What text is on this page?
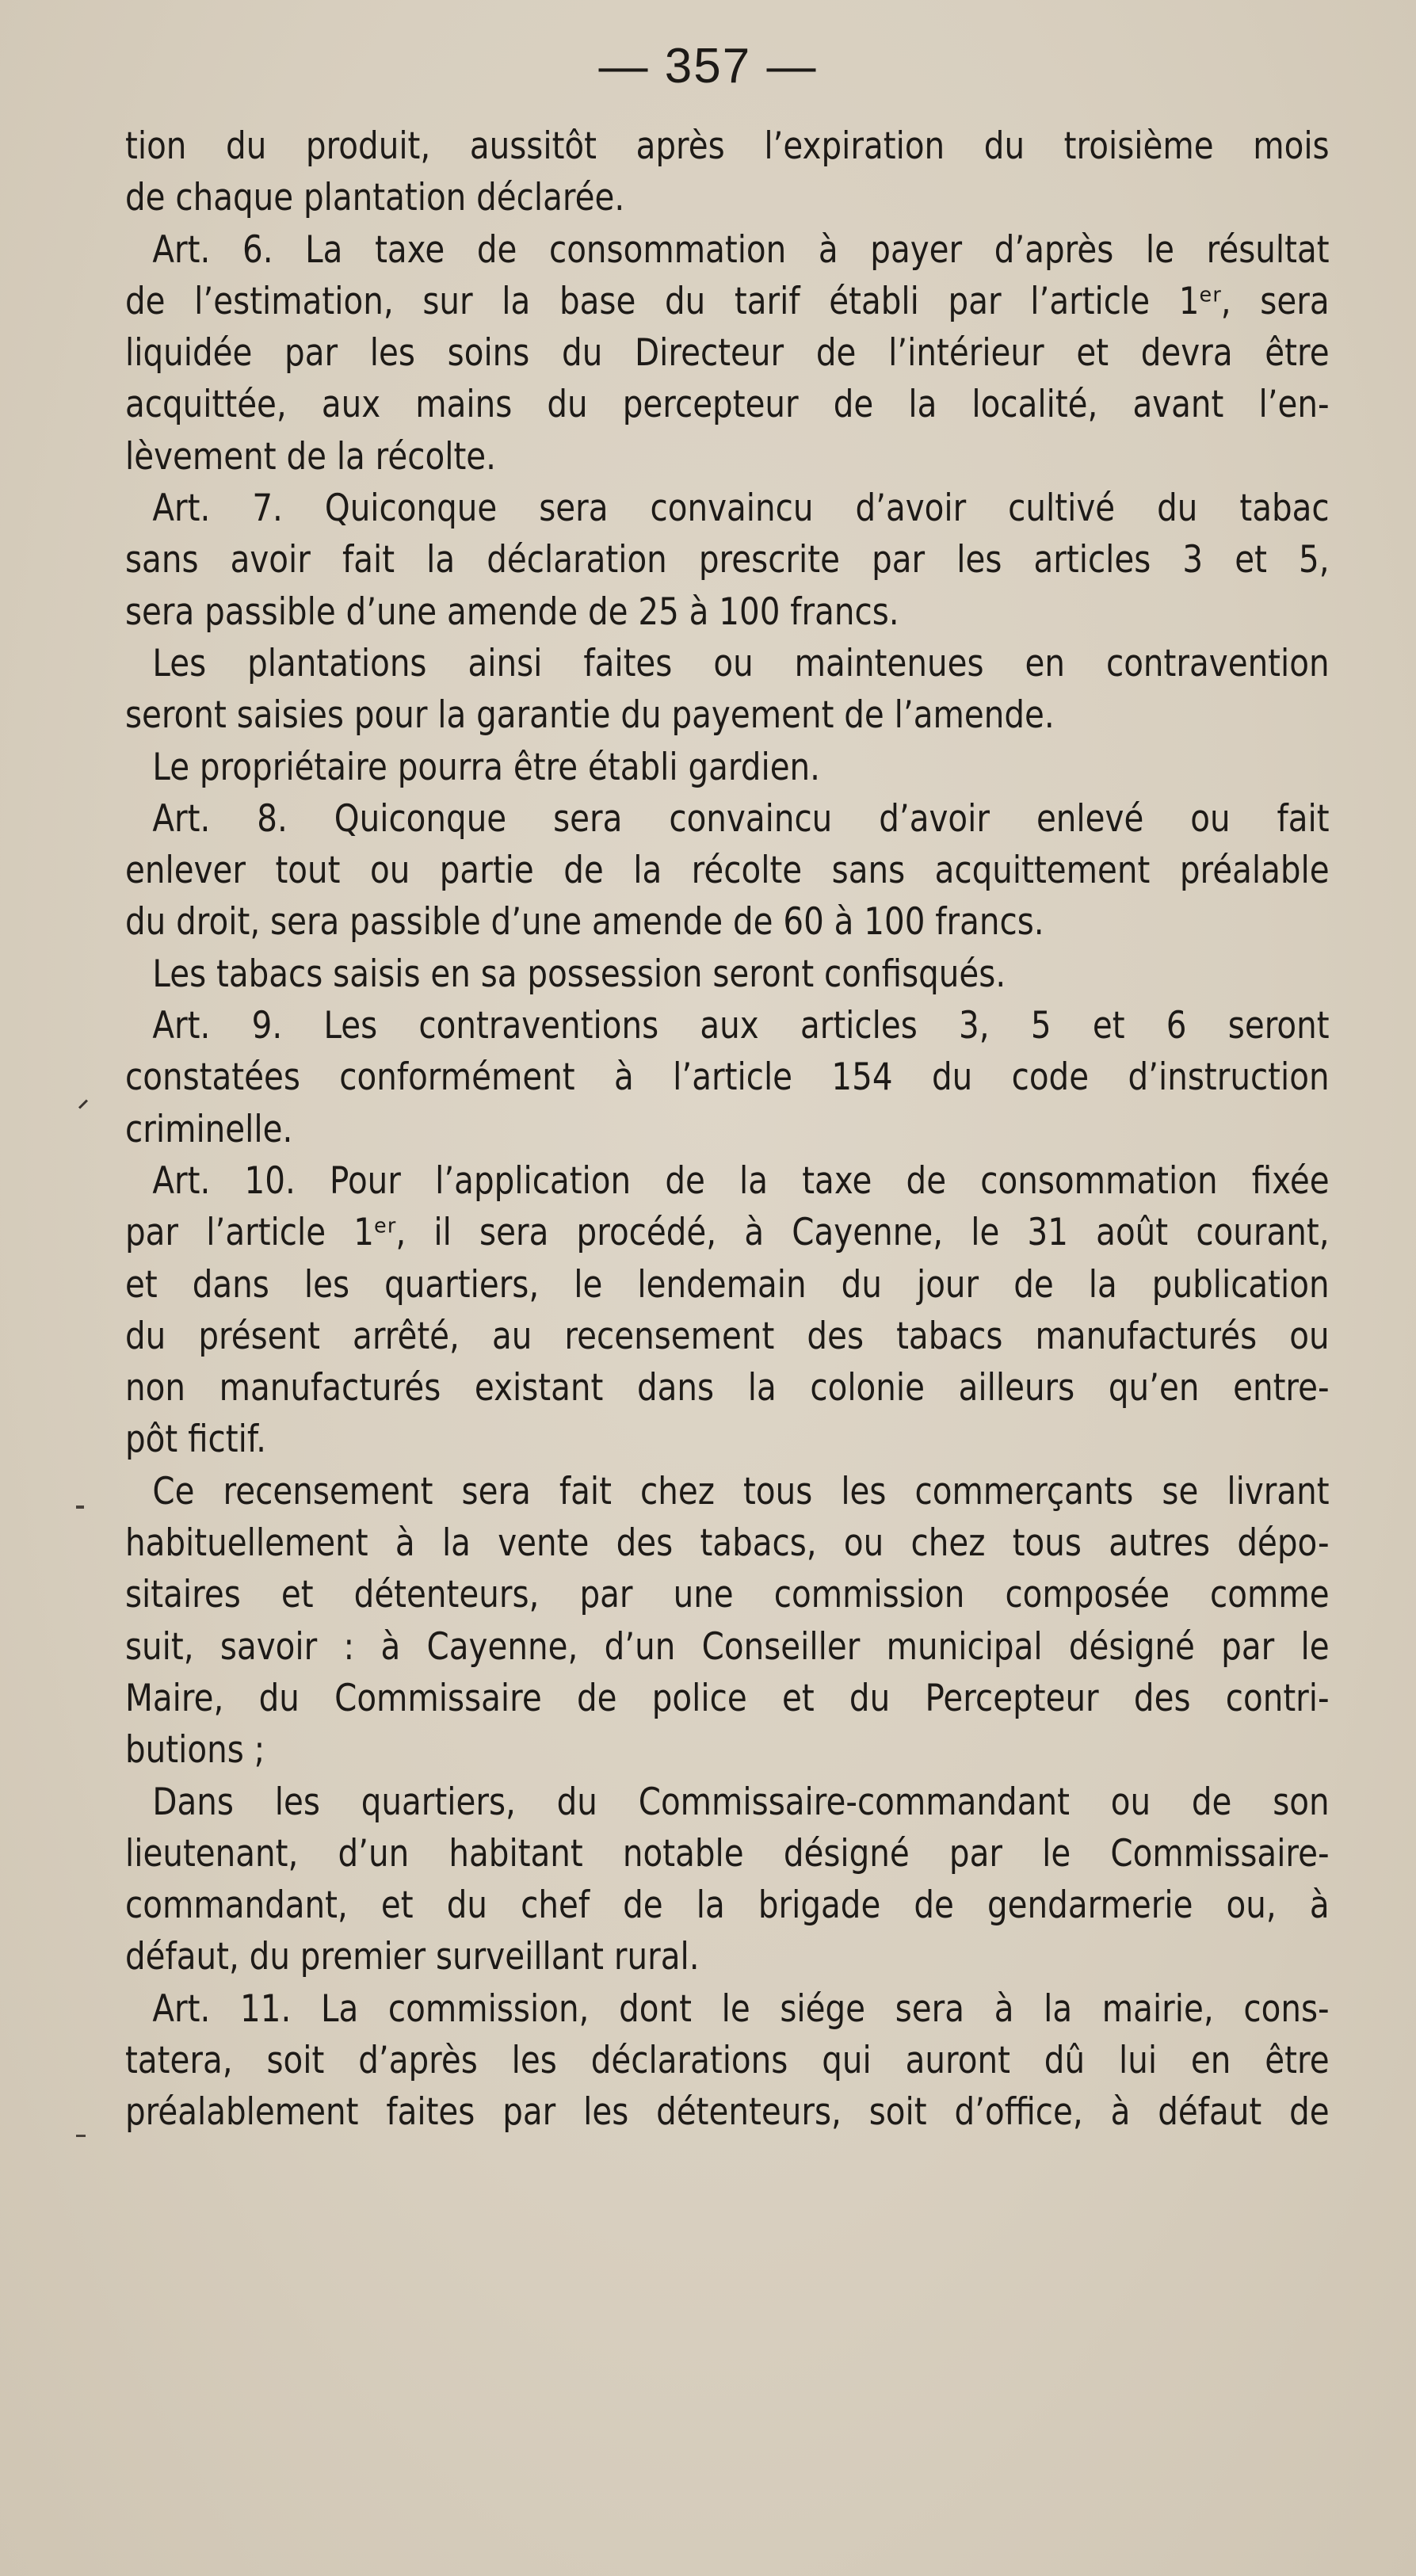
— 357 —
tion du produit, aussitôt après l’expiration du troisième mois
de chaque plantation déclarée.
Art. 6. La taxe de consommation à payer d’après le résultat
de l’estimation, sur la base du tarif établi par l’article 1ᵉʳ, sera
liquidée par les soins du Directeur de l’intérieur et devra être
acquittée, aux mains du percepteur de la localité, avant l’en-
lèvement de la récolte.
Art. 7. Quiconque sera convaincu d’avoir cultivé du tabac
sans avoir fait la déclaration prescrite par les articles 3 et 5,
sera passible d’une amende de 25 à 100 francs.
Les plantations ainsi faites ou maintenues en contravention
seront saisies pour la garantie du payement de l’amende.
Le propriétaire pourra être établi gardien.
Art. 8. Quiconque sera convaincu d’avoir enlevé ou fait
enlever tout ou partie de la récolte sans acquittement préalable
du droit, sera passible d’une amende de 60 à 100 francs.
Les tabacs saisis en sa possession seront confisqués.
Art. 9. Les contraventions aux articles 3, 5 et 6 seront
constatées conformément à l’article 154 du code d’instruction
criminelle.
Art. 10. Pour l’application de la taxe de consommation fixée
par l’article 1ᵉʳ, il sera procédé, à Cayenne, le 31 août courant,
et dans les quartiers, le lendemain du jour de la publication
du présent arrêté, au recensement des tabacs manufacturés ou
non manufacturés existant dans la colonie ailleurs qu’en entre-
pôt fictif.
Ce recensement sera fait chez tous les commerçants se livrant
habituellement à la vente des tabacs, ou chez tous autres dépo-
sitaires et détenteurs, par une commission composée comme
suit, savoir : à Cayenne, d’un Conseiller municipal désigné par le
Maire, du Commissaire de police et du Percepteur des contri-
butions ;
Dans les quartiers, du Commissaire-commandant ou de son
lieutenant, d’un habitant notable désigné par le Commissaire-
commandant, et du chef de la brigade de gendarmerie ou, à
défaut, du premier surveillant rural.
Art. 11. La commission, dont le siége sera à la mairie, cons-
tatera, soit d’après les déclarations qui auront dû lui en être
préalablement faites par les détenteurs, soit d’office, à défaut de
